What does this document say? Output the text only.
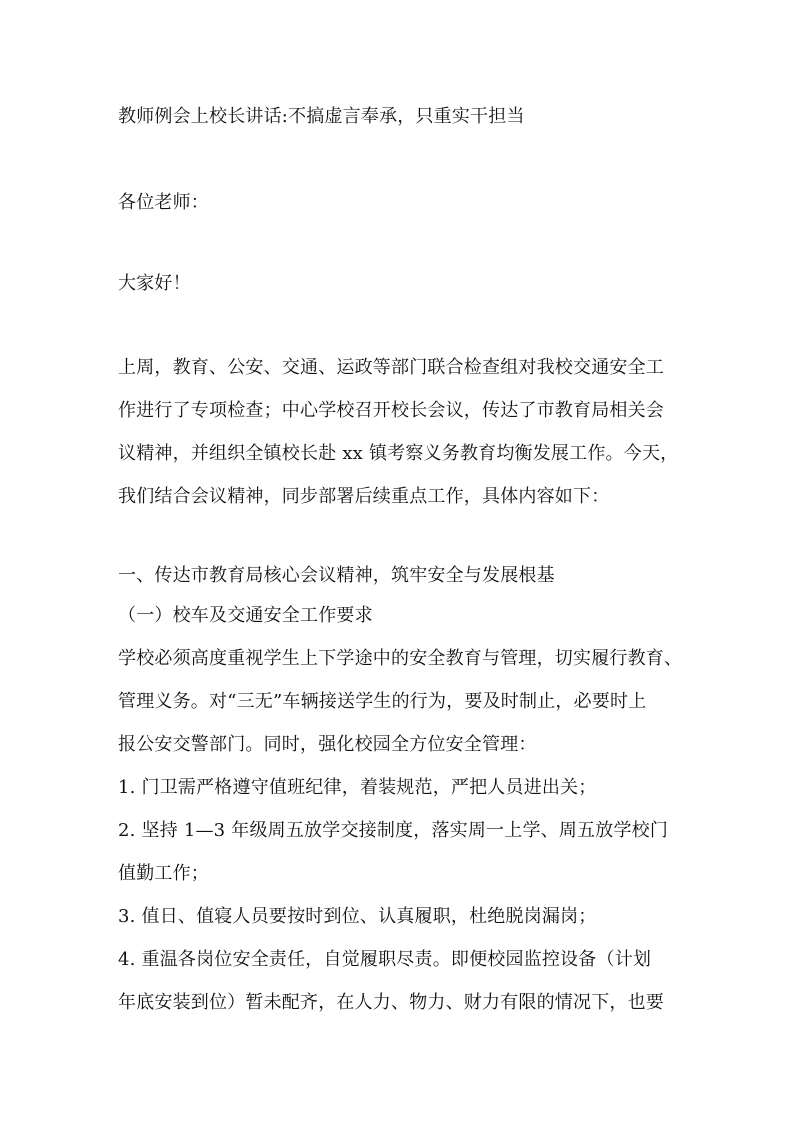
教师例会上校长讲话:不搞虚言奉承，只重实干担当
各位老师：
大家好！
上周，教育、公安、交通、运政等部门联合检查组对我校交通安全工
作进行了专项检查；中心学校召开校长会议，传达了市教育局相关会
议精神，并组织全镇校长赴 xx 镇考察义务教育均衡发展工作。今天，
我们结合会议精神，同步部署后续重点工作，具体内容如下：
一、传达市教育局核心会议精神，筑牢安全与发展根基
（一）校车及交通安全工作要求
学校必须高度重视学生上下学途中的安全教育与管理，切实履行教育、
管理义务。对“三无”车辆接送学生的行为，要及时制止，必要时上
报公安交警部门。同时，强化校园全方位安全管理：
1. 门卫需严格遵守值班纪律，着装规范，严把人员进出关；
2. 坚持 1—3 年级周五放学交接制度，落实周一上学、周五放学校门
值勤工作；
3. 值日、值寝人员要按时到位、认真履职，杜绝脱岗漏岗；
4. 重温各岗位安全责任，自觉履职尽责。即便校园监控设备（计划
年底安装到位）暂未配齐，在人力、物力、财力有限的情况下，也要
